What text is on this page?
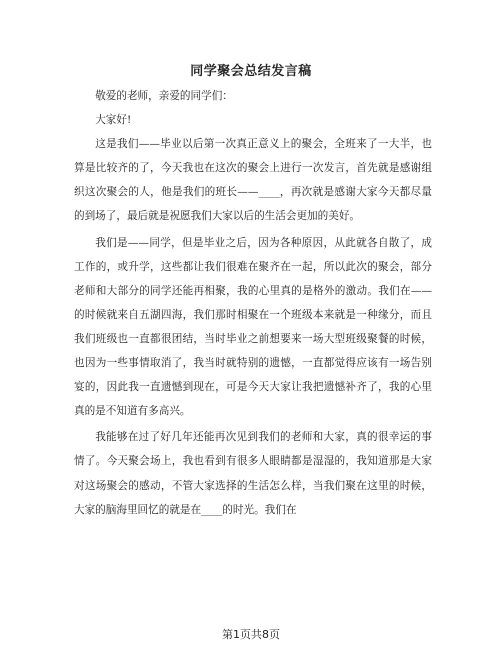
同学聚会总结发言稿

敬爱的老师，亲爱的同学们：

大家好!

这是我们——毕业以后第一次真正意义上的聚会，全班来了一大半，也算是比较齐的了，今天我也在这次的聚会上进行一次发言，首先就是感谢组织这次聚会的人，他是我们的班长——____，再次就是感谢大家今天都尽量的到场了，最后就是祝愿我们大家以后的生活会更加的美好。

我们是——同学，但是毕业之后，因为各种原因，从此就各自散了，成工作的，或升学，这些都让我们很难在聚齐在一起，所以此次的聚会，部分老师和大部分的同学还能再相聚，我的心里真的是格外的激动。我们在——的时候就来自五湖四海，我们那时相聚在一个班级本来就是一种缘分，而且我们班级也一直都很团结，当时毕业之前想要来一场大型班级聚餐的时候，也因为一些事情取消了，我当时就特别的遗憾，一直都觉得应该有一场告别宴的，因此我一直遗憾到现在，可是今天大家让我把遗憾补齐了，我的心里真的是不知道有多高兴。

我能够在过了好几年还能再次见到我们的老师和大家，真的很幸运的事情了。今天聚会场上，我也看到有很多人眼睛都是湿湿的，我知道那是大家对这场聚会的感动，不管大家选择的生活怎么样，当我们聚在这里的时候，大家的脑海里回忆的就是在____的时光。我们在

第1页共8页
